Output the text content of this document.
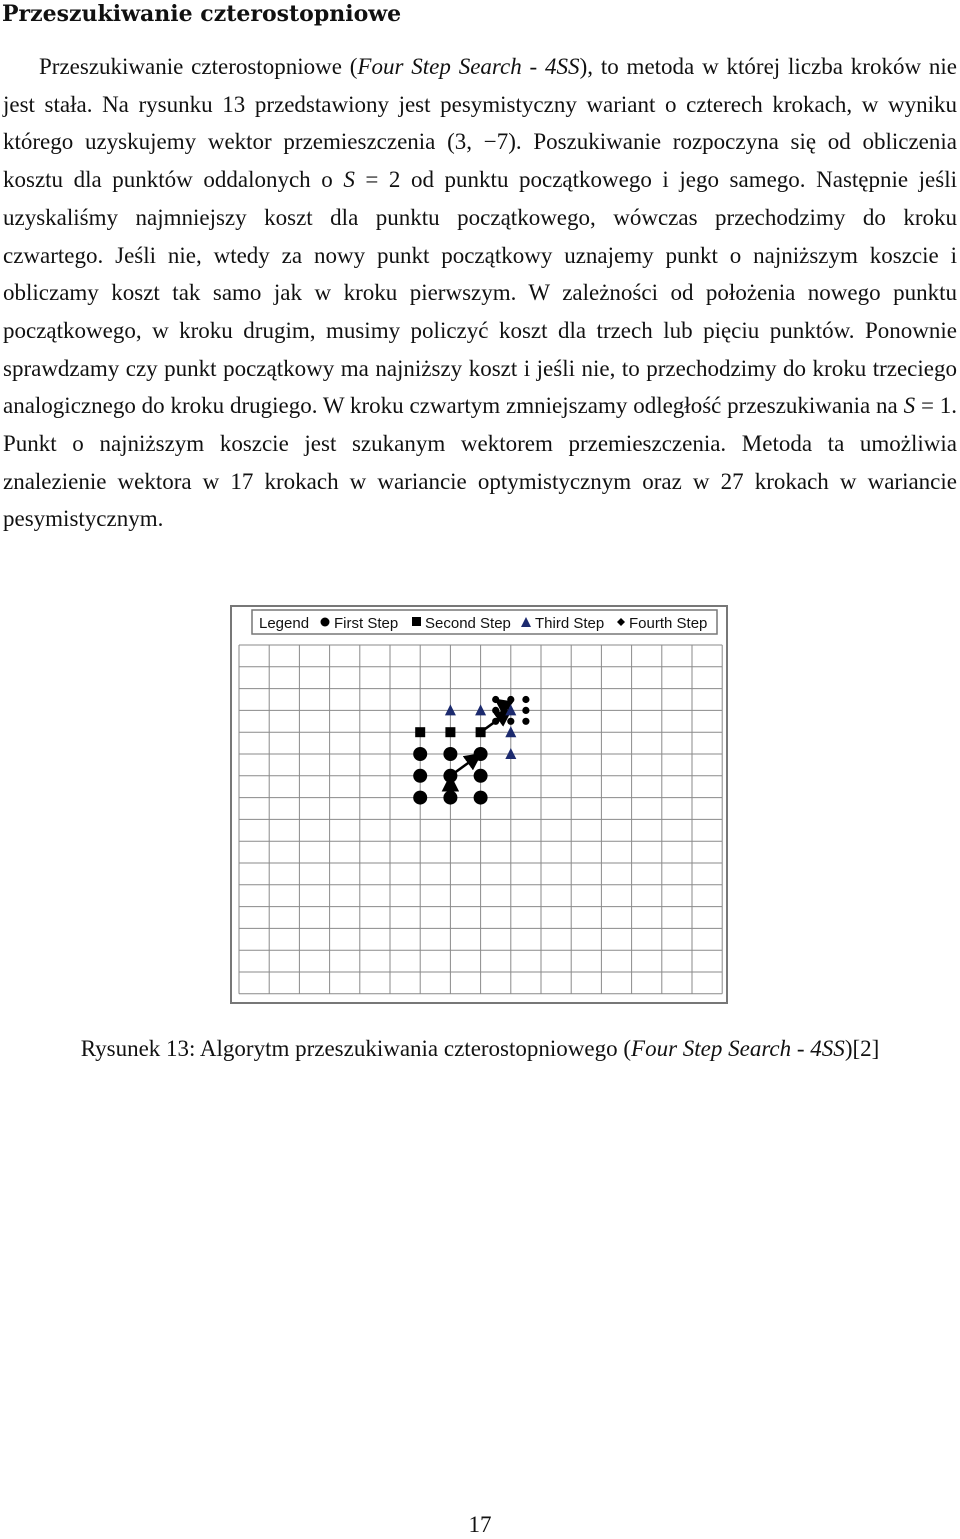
Przeszukiwanie czterostopniowe

Przeszukiwanie czterostopniowe (Four Step Search - 4SS), to metoda w której liczba kroków nie jest stała. Na rysunku 13 przedstawiony jest pesymistyczny wariant o czterech krokach, w wyniku którego uzyskujemy wektor przemieszczenia (3, −7). Poszukiwanie rozpoczyna się od obliczenia kosztu dla punktów oddalonych o S = 2 od punktu początkowego i jego samego. Następnie jeśli uzyskaliśmy najmniejszy koszt dla punktu początkowego, wówczas przechodzimy do kroku czwartego. Jeśli nie, wtedy za nowy punkt początkowy uznajemy punkt o najniższym koszcie i obliczamy koszt tak samo jak w kroku pierwszym. W zależności od położenia nowego punktu początkowego, w kroku drugim, musimy policzyć koszt dla trzech lub pięciu punktów. Ponownie sprawdzamy czy punkt początkowy ma najniższy koszt i jeśli nie, to przechodzimy do kroku trzeciego analogicznego do kroku drugiego. W kroku czwartym zmniejszamy odległość przeszukiwania na S = 1. Punkt o najniższym koszcie jest szukanym wektorem przemieszczenia. Metoda ta umożliwia znalezienie wektora w 17 krokach w wariancie optymistycznym oraz w 27 krokach w wariancie pesymistycznym.

Legend First Step Second Step Third Step Fourth Step

Rysunek 13: Algorytm przeszukiwania czterostopniowego (Four Step Search - 4SS)[2]

17
